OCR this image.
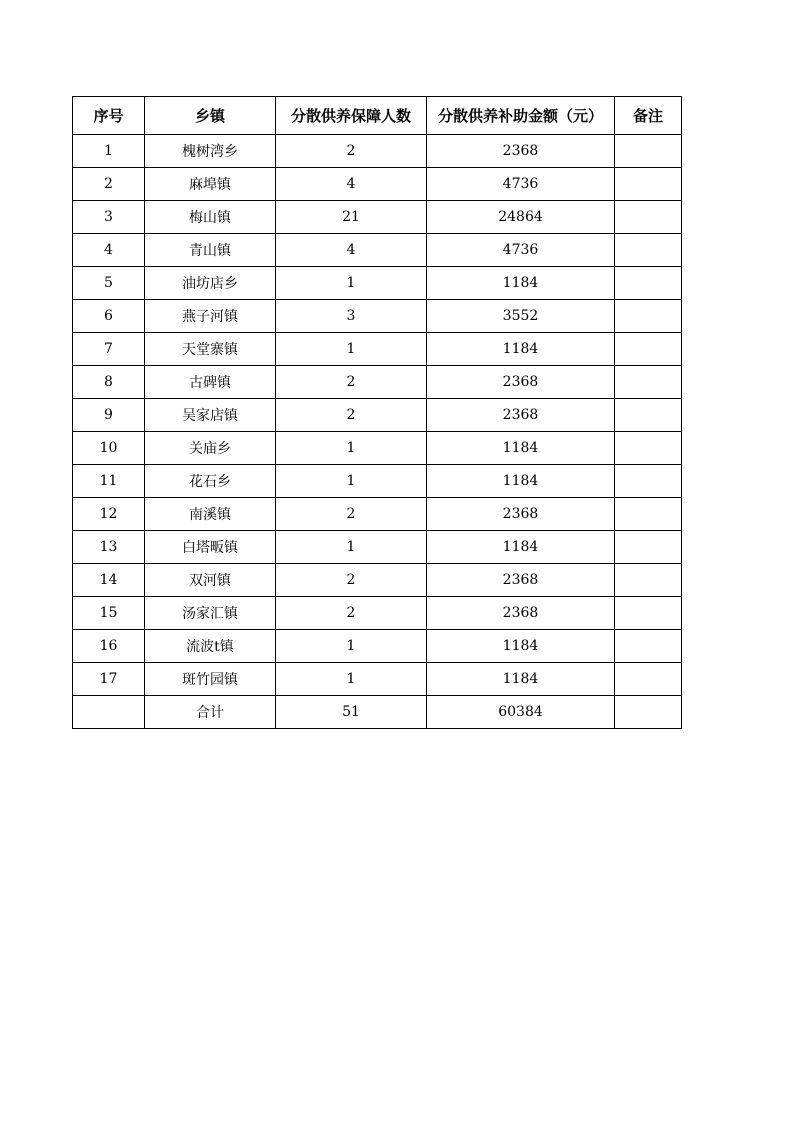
序号	乡镇	分散供养保障人数	分散供养补助金额（元）	备注
1	槐树湾乡	2	2368	
2	麻埠镇	4	4736	
3	梅山镇	21	24864	
4	青山镇	4	4736	
5	油坊店乡	1	1184	
6	燕子河镇	3	3552	
7	天堂寨镇	1	1184	
8	古碑镇	2	2368	
9	吴家店镇	2	2368	
10	关庙乡	1	1184	
11	花石乡	1	1184	
12	南溪镇	2	2368	
13	白塔畈镇	1	1184	
14	双河镇	2	2368	
15	汤家汇镇	2	2368	
16	流波t镇	1	1184	
17	斑竹园镇	1	1184	
	合计	51	60384	
